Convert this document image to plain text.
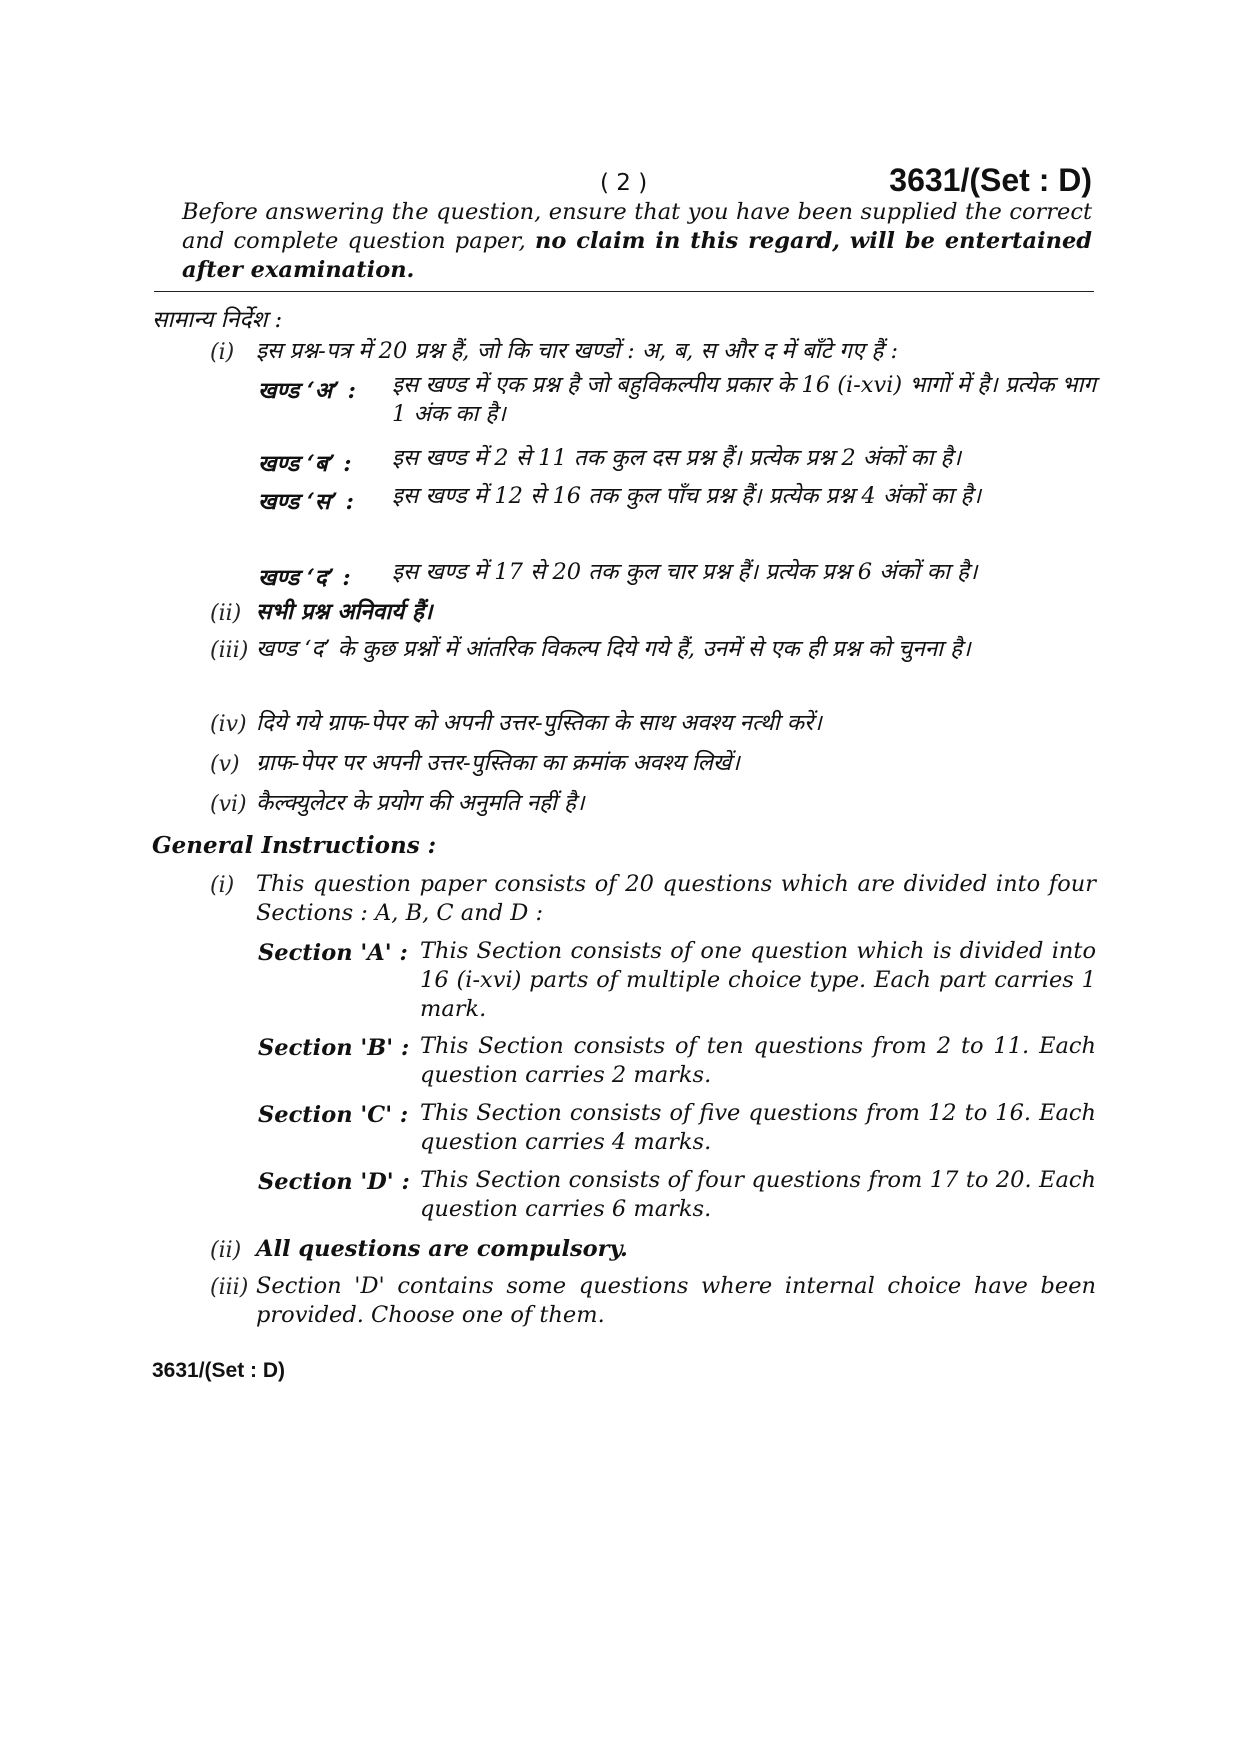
( 2 )	3631/(Set : D)
Before answering the question, ensure that you have been supplied the correct and complete question paper, no claim in this regard, will be entertained after examination.
सामान्य निर्देश :
(i) इस प्रश्न-पत्र में 20 प्रश्न हैं, जो कि चार खण्डों : अ, ब, स और द में बाँटे गए हैं :
खण्ड ‘अ’ : इस खण्ड में एक प्रश्न है जो बहुविकल्पीय प्रकार के 16 (i-xvi) भागों में है। प्रत्येक भाग 1 अंक का है।
खण्ड ‘ब’ : इस खण्ड में 2 से 11 तक कुल दस प्रश्न हैं। प्रत्येक प्रश्न 2 अंकों का है।
खण्ड ‘स’ : इस खण्ड में 12 से 16 तक कुल पाँच प्रश्न हैं। प्रत्येक प्रश्न 4 अंकों का है।
खण्ड ‘द’ : इस खण्ड में 17 से 20 तक कुल चार प्रश्न हैं। प्रत्येक प्रश्न 6 अंकों का है।
(ii) सभी प्रश्न अनिवार्य हैं।
(iii) खण्ड ‘द’ के कुछ प्रश्नों में आंतरिक विकल्प दिये गये हैं, उनमें से एक ही प्रश्न को चुनना है।
(iv) दिये गये ग्राफ-पेपर को अपनी उत्तर-पुस्तिका के साथ अवश्य नत्थी करें।
(v) ग्राफ-पेपर पर अपनी उत्तर-पुस्तिका का क्रमांक अवश्य लिखें।
(vi) कैल्क्युलेटर के प्रयोग की अनुमति नहीं है।
General Instructions :
(i) This question paper consists of 20 questions which are divided into four Sections : A, B, C and D :
Section 'A' : This Section consists of one question which is divided into 16 (i-xvi) parts of multiple choice type. Each part carries 1 mark.
Section 'B' : This Section consists of ten questions from 2 to 11. Each question carries 2 marks.
Section 'C' : This Section consists of five questions from 12 to 16. Each question carries 4 marks.
Section 'D' : This Section consists of four questions from 17 to 20. Each question carries 6 marks.
(ii) All questions are compulsory.
(iii) Section 'D' contains some questions where internal choice have been provided. Choose one of them.
3631/(Set : D)
